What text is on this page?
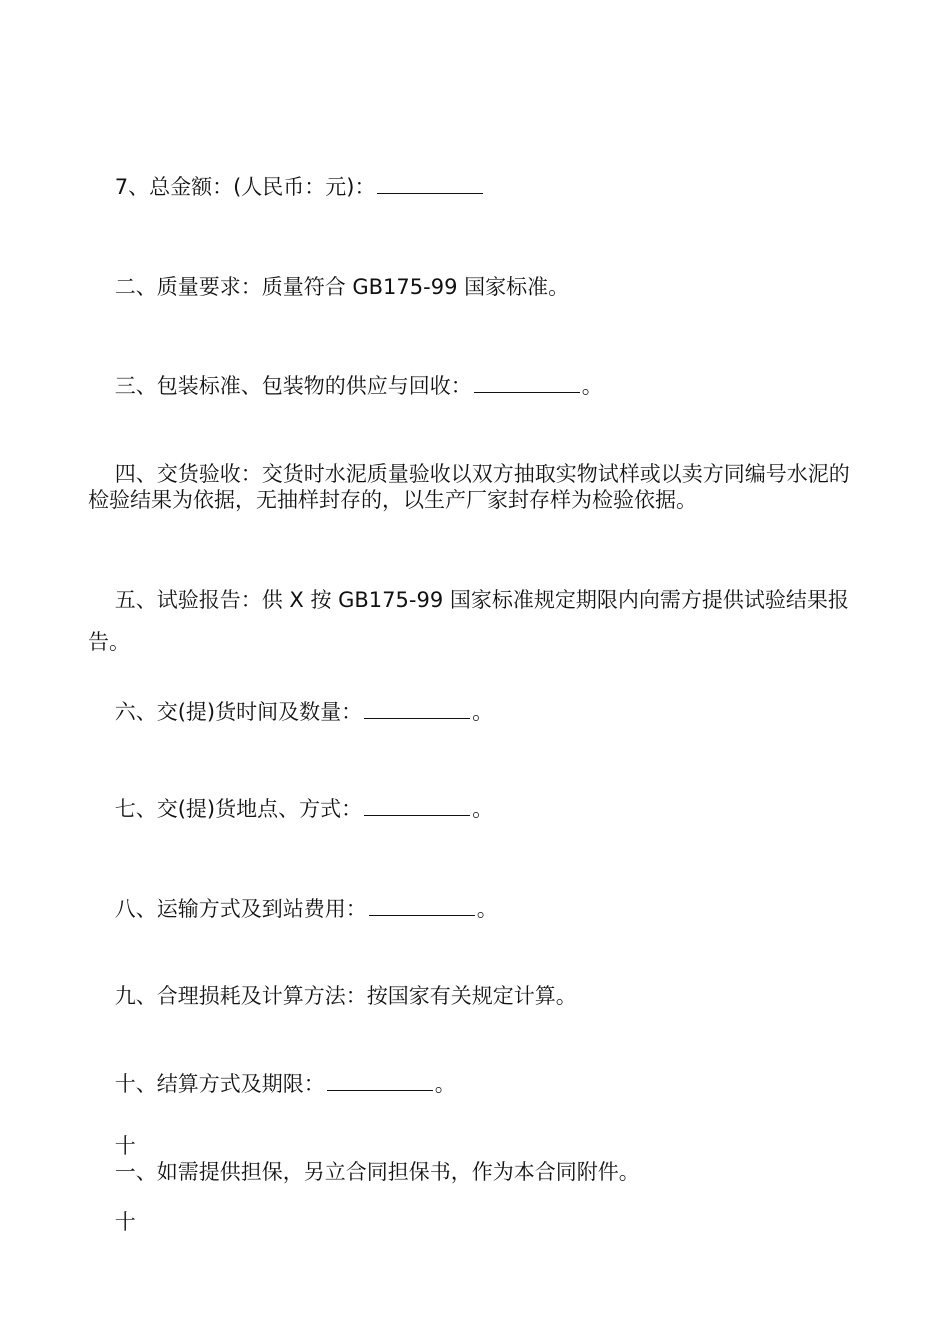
7、总金额：(人民币：元)：

二、质量要求：质量符合 GB175-99 国家标准。

三、包装标准、包装物的供应与回收：	。

四、交货验收：交货时水泥质量验收以双方抽取实物试样或以卖方同编号水泥的检验结果为依据，无抽样封存的，以生产厂家封存样为检验依据。

五、试验报告：供 X 按 GB175-99 国家标准规定期限内向需方提供试验结果报告。

六、交(提)货时间及数量：	。

七、交(提)货地点、方式：	。

八、运输方式及到站费用：	。

九、合理损耗及计算方法：按国家有关规定计算。

十、结算方式及期限：	。

十

一、如需提供担保，另立合同担保书，作为本合同附件。

十
